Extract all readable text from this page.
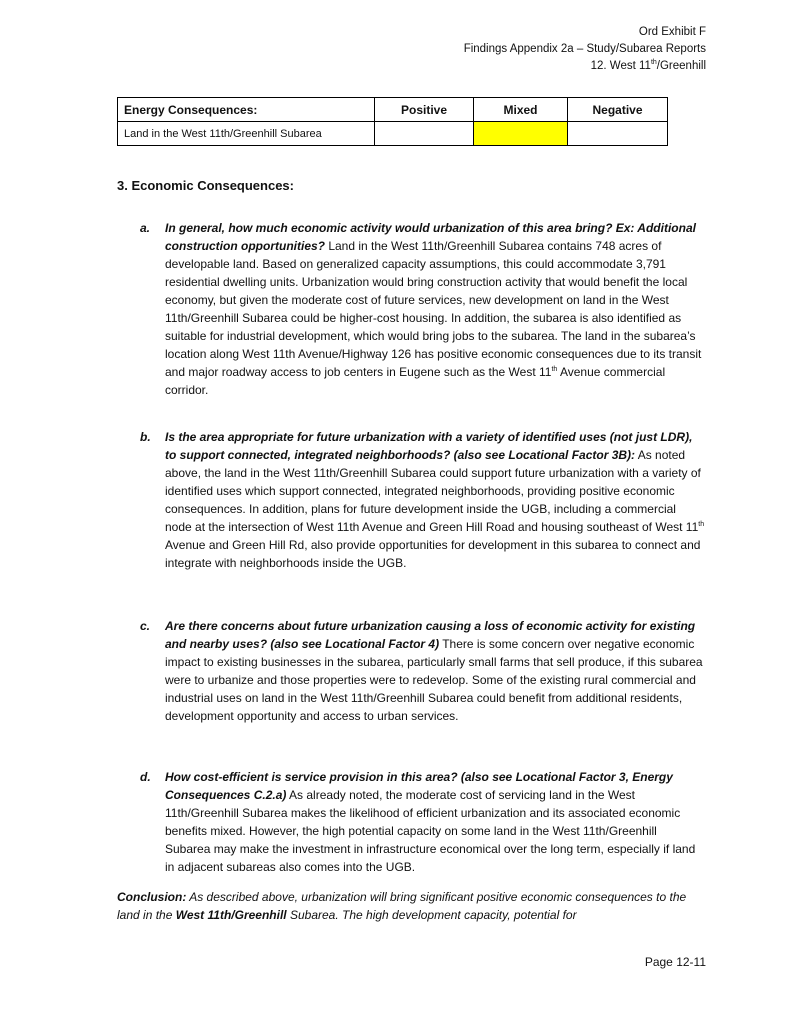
Ord Exhibit F
Findings Appendix 2a – Study/Subarea Reports
12. West 11th/Greenhill
Energy Consequences:	Positive	Mixed	Negative
Land in the West 11th/Greenhill Subarea			
3. Economic Consequences:
a. In general, how much economic activity would urbanization of this area bring? Ex: Additional construction opportunities? Land in the West 11th/Greenhill Subarea contains 748 acres of developable land. Based on generalized capacity assumptions, this could accommodate 3,791 residential dwelling units. Urbanization would bring construction activity that would benefit the local economy, but given the moderate cost of future services, new development on land in the West 11th/Greenhill Subarea could be higher-cost housing. In addition, the subarea is also identified as suitable for industrial development, which would bring jobs to the subarea. The land in the subarea’s location along West 11th Avenue/Highway 126 has positive economic consequences due to its transit and major roadway access to job centers in Eugene such as the West 11th Avenue commercial corridor.
b. Is the area appropriate for future urbanization with a variety of identified uses (not just LDR), to support connected, integrated neighborhoods? (also see Locational Factor 3B): As noted above, the land in the West 11th/Greenhill Subarea could support future urbanization with a variety of identified uses which support connected, integrated neighborhoods, providing positive economic consequences. In addition, plans for future development inside the UGB, including a commercial node at the intersection of West 11th Avenue and Green Hill Road and housing southeast of West 11th Avenue and Green Hill Rd, also provide opportunities for development in this subarea to connect and integrate with neighborhoods inside the UGB.
c. Are there concerns about future urbanization causing a loss of economic activity for existing and nearby uses? (also see Locational Factor 4) There is some concern over negative economic impact to existing businesses in the subarea, particularly small farms that sell produce, if this subarea were to urbanize and those properties were to redevelop. Some of the existing rural commercial and industrial uses on land in the West 11th/Greenhill Subarea could benefit from additional residents, development opportunity and access to urban services.
d. How cost-efficient is service provision in this area? (also see Locational Factor 3, Energy Consequences C.2.a) As already noted, the moderate cost of servicing land in the West 11th/Greenhill Subarea makes the likelihood of efficient urbanization and its associated economic benefits mixed. However, the high potential capacity on some land in the West 11th/Greenhill Subarea may make the investment in infrastructure economical over the long term, especially if land in adjacent subareas also comes into the UGB.
Conclusion: As described above, urbanization will bring significant positive economic consequences to the land in the West 11th/Greenhill Subarea. The high development capacity, potential for
Page 12-11
